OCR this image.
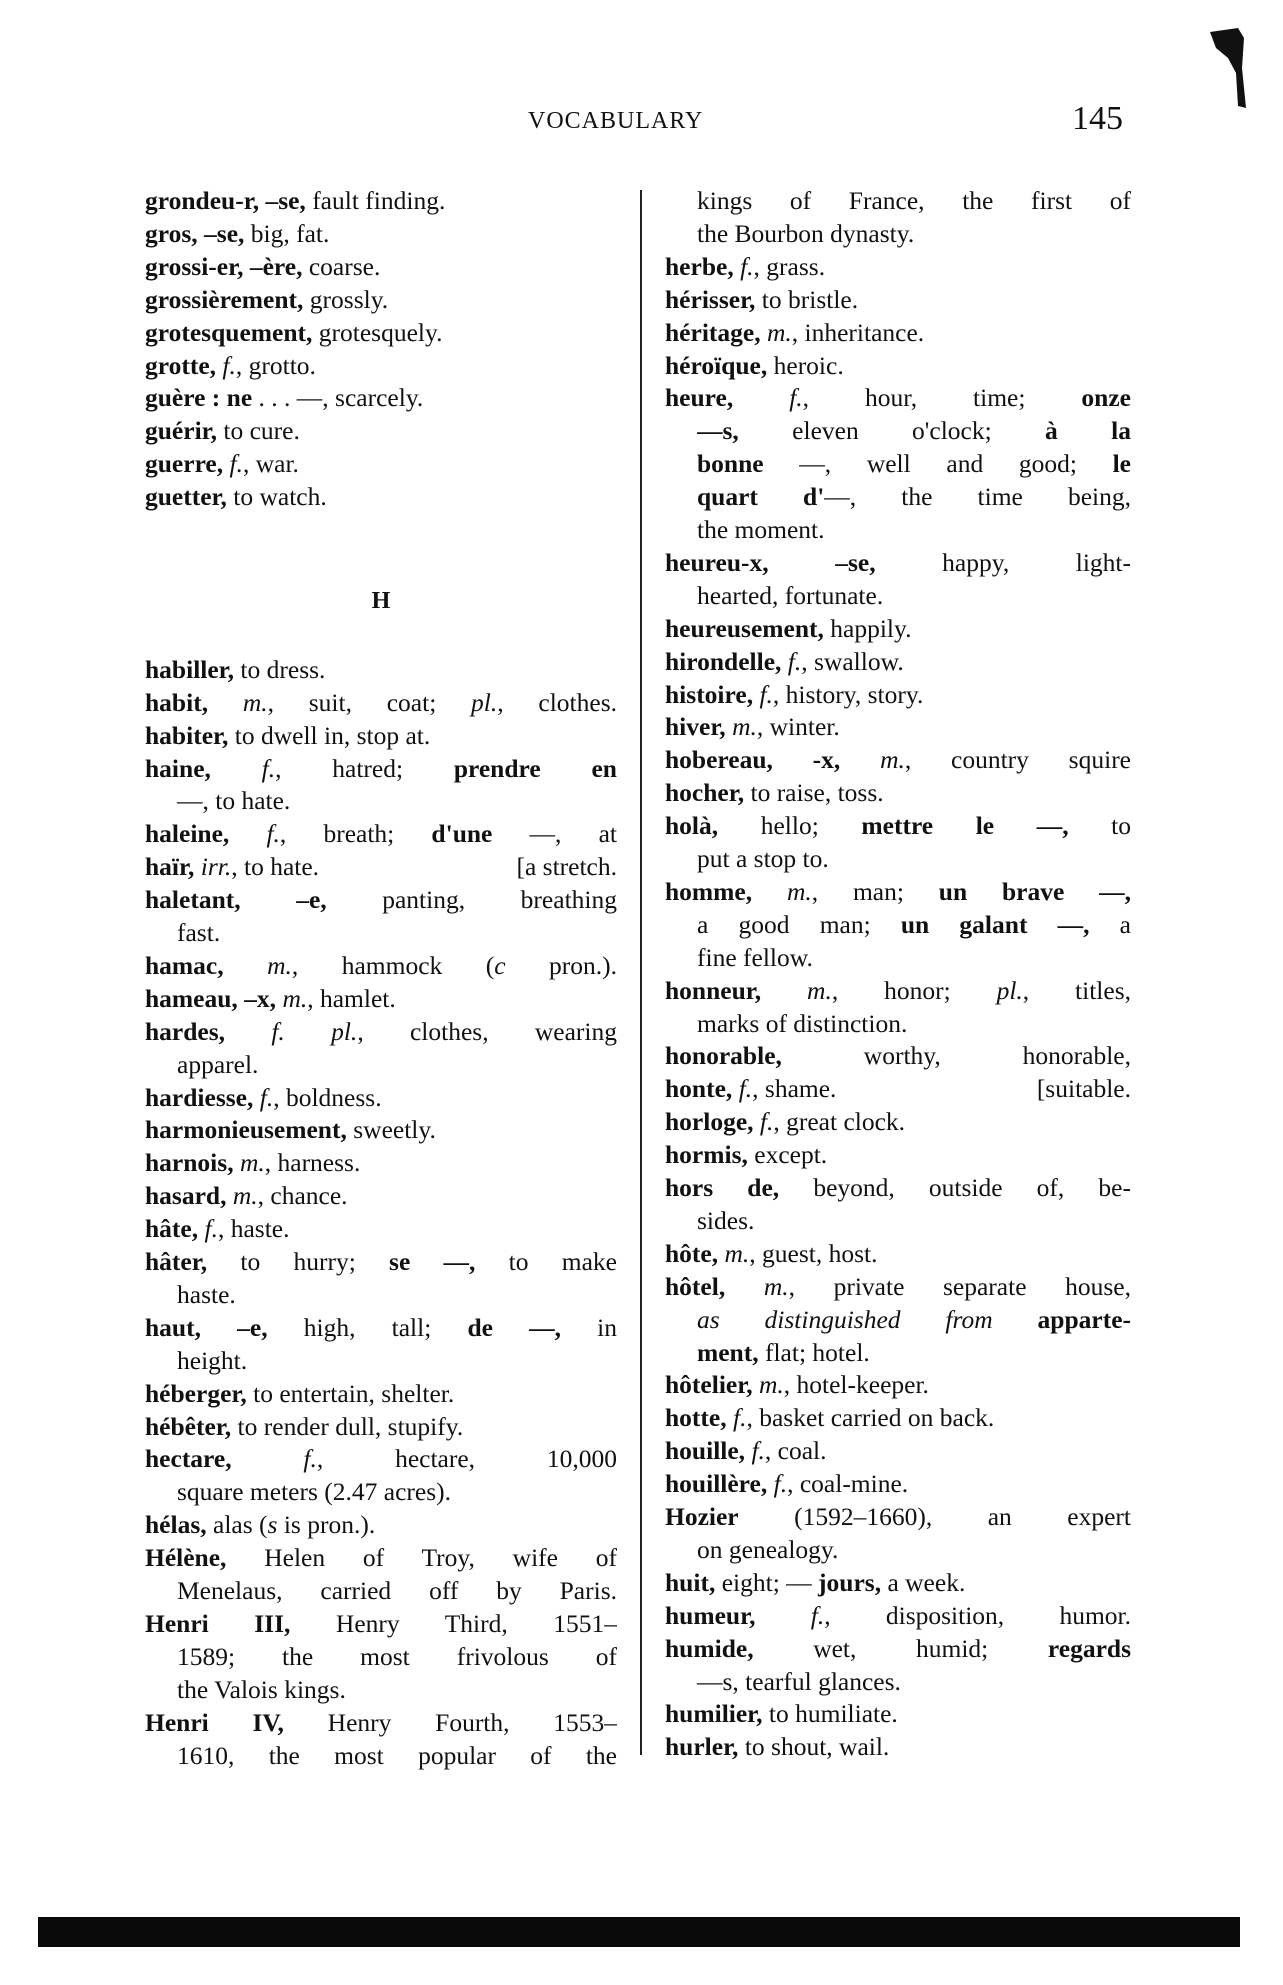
VOCABULARY	145
grondeu-r, –se, fault finding.
gros, –se, big, fat.
grossi-er, –ère, coarse.
grossièrement, grossly.
grotesquement, grotesquely.
grotte, f., grotto.
guère : ne . . . —, scarcely.
guérir, to cure.
guerre, f., war.
guetter, to watch.
H
habiller, to dress.
habit, m., suit, coat; pl., clothes.
habiter, to dwell in, stop at.
haine, f., hatred; prendre en
—, to hate.
haleine, f., breath; d'une —, at
haïr, irr., to hate.	[a stretch.
haletant, –e, panting, breathing
fast.
hamac, m., hammock (c pron.).
hameau, –x, m., hamlet.
hardes, f. pl., clothes, wearing
apparel.
hardiesse, f., boldness.
harmonieusement, sweetly.
harnois, m., harness.
hasard, m., chance.
hâte, f., haste.
hâter, to hurry; se —, to make
haste.
haut, –e, high, tall; de —, in
height.
héberger, to entertain, shelter.
hébêter, to render dull, stupify.
hectare, f., hectare, 10,000
square meters (2.47 acres).
hélas, alas (s is pron.).
Hélène, Helen of Troy, wife of
Menelaus, carried off by Paris.
Henri III, Henry Third, 1551–
1589; the most frivolous of
the Valois kings.
Henri IV, Henry Fourth, 1553–
1610, the most popular of the
kings of France, the first of
the Bourbon dynasty.
herbe, f., grass.
hérisser, to bristle.
héritage, m., inheritance.
héroïque, heroic.
heure, f., hour, time; onze
—s, eleven o'clock; à la
bonne —, well and good; le
quart d'—, the time being,
the moment.
heureu-x, –se, happy, light-
hearted, fortunate.
heureusement, happily.
hirondelle, f., swallow.
histoire, f., history, story.
hiver, m., winter.
hobereau, -x, m., country squire
hocher, to raise, toss.
holà, hello; mettre le —, to
put a stop to.
homme, m., man; un brave —,
a good man; un galant —, a
fine fellow.
honneur, m., honor; pl., titles,
marks of distinction.
honorable, worthy, honorable,
honte, f., shame.	[suitable.
horloge, f., great clock.
hormis, except.
hors de, beyond, outside of, be-
sides.
hôte, m., guest, host.
hôtel, m., private separate house,
as distinguished from apparte-
ment, flat; hotel.
hôtelier, m., hotel-keeper.
hotte, f., basket carried on back.
houille, f., coal.
houillère, f., coal-mine.
Hozier (1592–1660), an expert
on genealogy.
huit, eight; — jours, a week.
humeur, f., disposition, humor.
humide, wet, humid; regards
—s, tearful glances.
humilier, to humiliate.
hurler, to shout, wail.
